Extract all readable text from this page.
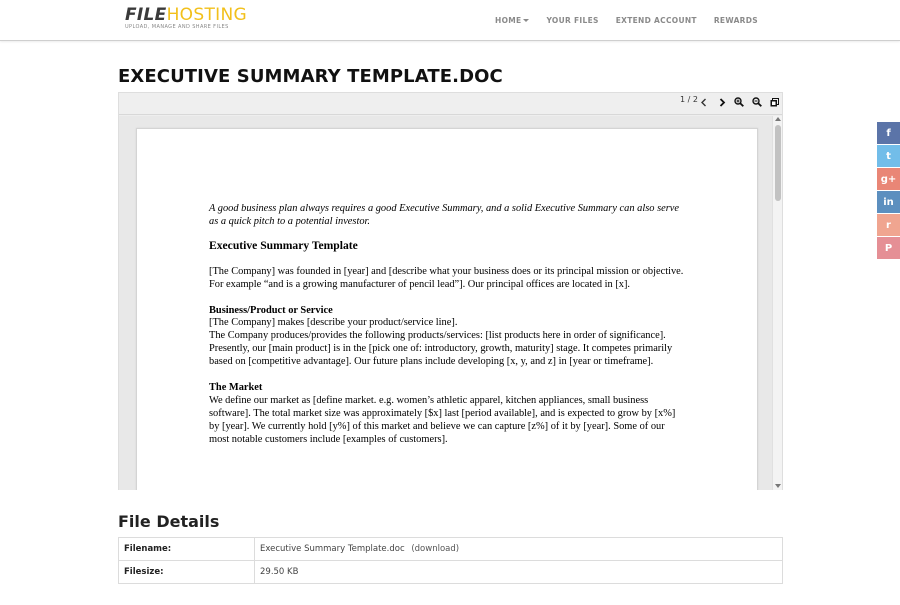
FILEHOSTING
UPLOAD, MANAGE AND SHARE FILES
HOME	YOUR FILES EXTEND ACCOUNT REWARDS
EXECUTIVE SUMMARY TEMPLATE.DOC
1 / 2

A good business plan always requires a good Executive Summary, and a solid Executive Summary can also serve as a quick pitch to a potential investor.

Executive Summary Template

[The Company] was founded in [year] and [describe what your business does or its principal mission or objective. For example “and is a growing manufacturer of pencil lead”]. Our principal offices are located in [x].

Business/Product or Service
[The Company] makes [describe your product/service line].
The Company produces/provides the following products/services: [list products here in order of significance].
Presently, our [main product] is in the [pick one of: introductory, growth, maturity] stage. It competes primarily based on [competitive advantage]. Our future plans include developing [x, y, and z] in [year or timeframe].
The Market
We define our market as [define market. e.g. women’s athletic apparel, kitchen appliances, small business software]. The total market size was approximately [$x] last [period available], and is expected to grow by [x%] by [year]. We currently hold [y%] of this market and believe we can capture [z%] of it by [year]. Some of our most notable customers include [examples of customers].
File Details
Filename:	Executive Summary Template.doc (download)
Filesize:	29.50 KB
f
t
g+
in
r
P
